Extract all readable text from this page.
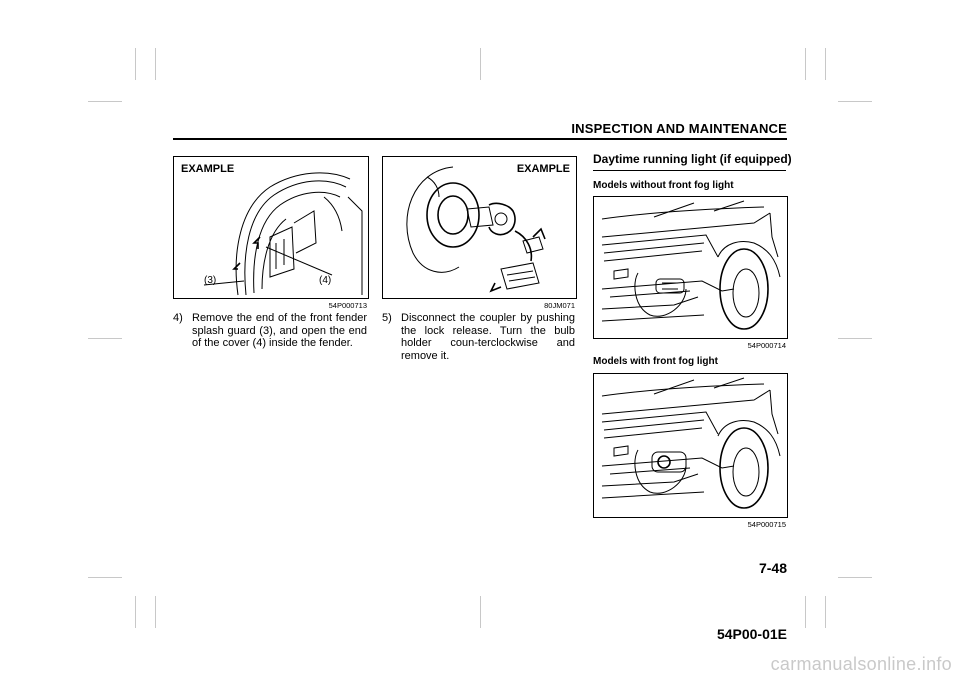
INSPECTION AND MAINTENANCE
EXAMPLE
(3)	(4)
54P000713
4) Remove the end of the front fender splash guard (3), and open the end of the cover (4) inside the fender.
EXAMPLE
80JM071
5) Disconnect the coupler by pushing the lock release. Turn the bulb holder coun-terclockwise and remove it.
Daytime running light (if equipped)
Models without front fog light
54P000714
Models with front fog light
54P000715
7-48
54P00-01E
carmanualsonline.info
